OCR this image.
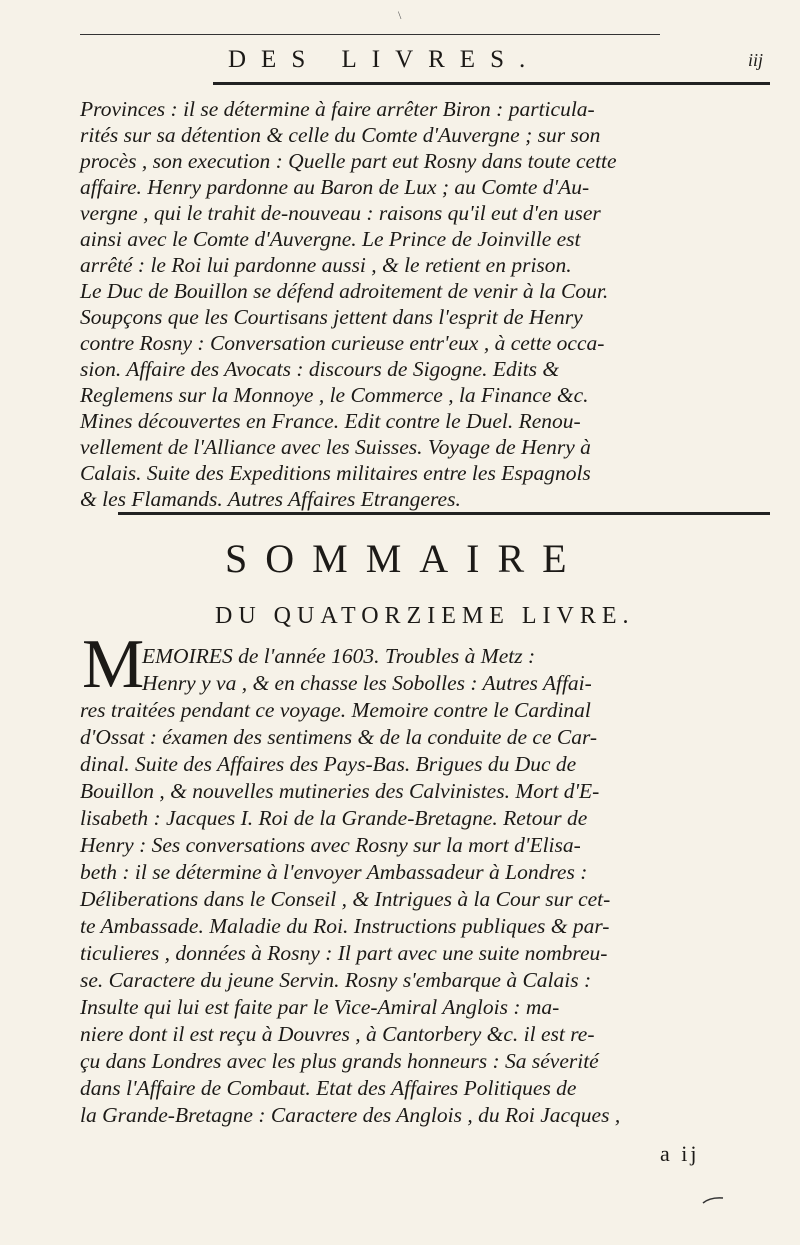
\
DES LIVRES.	iij
Provinces : il se détermine à faire arrêter Biron : particula-
rités sur sa détention & celle du Comte d'Auvergne ; sur son
procès , son execution : Quelle part eut Rosny dans toute cette
affaire. Henry pardonne au Baron de Lux ; au Comte d'Au-
vergne , qui le trahit de-nouveau : raisons qu'il eut d'en user
ainsi avec le Comte d'Auvergne. Le Prince de Joinville est
arrêté : le Roi lui pardonne aussi , & le retient en prison.
Le Duc de Bouillon se défend adroitement de venir à la Cour.
Soupçons que les Courtisans jettent dans l'esprit de Henry
contre Rosny : Conversation curieuse entr'eux , à cette occa-
sion. Affaire des Avocats : discours de Sigogne. Edits &
Reglemens sur la Monnoye , le Commerce , la Finance &c.
Mines découvertes en France. Edit contre le Duel. Renou-
vellement de l'Alliance avec les Suisses. Voyage de Henry à
Calais. Suite des Expeditions militaires entre les Espagnols
& les Flamands. Autres Affaires Etrangeres.
SOMMAIRE
DU QUATORZIEME LIVRE.
M
EMOIRES de l'année 1603. Troubles à Metz :
Henry y va , & en chasse les Sobolles : Autres Affai-
res traitées pendant ce voyage. Memoire contre le Cardinal
d'Ossat : éxamen des sentimens & de la conduite de ce Car-
dinal. Suite des Affaires des Pays-Bas. Brigues du Duc de
Bouillon , & nouvelles mutineries des Calvinistes. Mort d'E-
lisabeth : Jacques I. Roi de la Grande-Bretagne. Retour de
Henry : Ses conversations avec Rosny sur la mort d'Elisa-
beth : il se détermine à l'envoyer Ambassadeur à Londres :
Déliberations dans le Conseil , & Intrigues à la Cour sur cet-
te Ambassade. Maladie du Roi. Instructions publiques & par-
ticulieres , données à Rosny : Il part avec une suite nombreu-
se. Caractere du jeune Servin. Rosny s'embarque à Calais :
Insulte qui lui est faite par le Vice-Amiral Anglois : ma-
niere dont il est reçu à Douvres , à Cantorbery &c. il est re-
çu dans Londres avec les plus grands honneurs : Sa séverité
dans l'Affaire de Combaut. Etat des Affaires Politiques de
la Grande-Bretagne : Caractere des Anglois , du Roi Jacques ,
a ij
